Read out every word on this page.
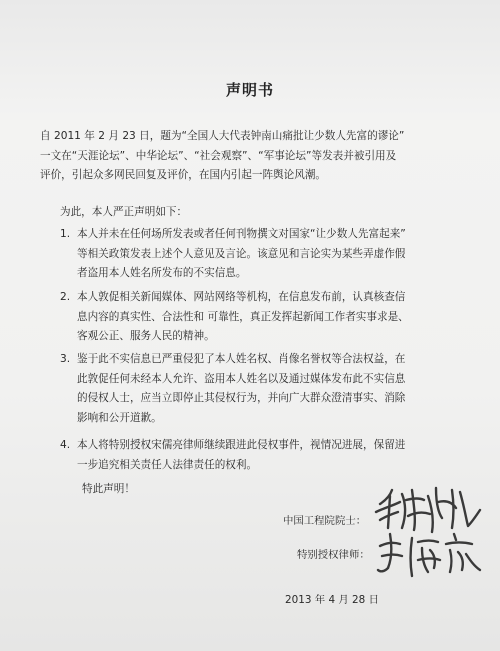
声明书
自 2011 年 2 月 23 日，题为“全国人大代表钟南山痛批让少数人先富的谬论”
一文在“天涯论坛”、中华论坛”、“社会观察”、“军事论坛”等发表并被引用及
评价，引起众多网民回复及评价，在国内引起一阵舆论风潮。
为此，本人严正声明如下：
1. 本人并未在任何场所发表或者任何刊物撰文对国家“让少数人先富起来”
等相关政策发表上述个人意见及言论。该意见和言论实为某些弄虚作假
者盗用本人姓名所发布的不实信息。
2. 本人敦促相关新闻媒体、网站网络等机构，在信息发布前，认真核查信
息内容的真实性、合法性和 可靠性，真正发挥起新闻工作者实事求是、
客观公正、服务人民的精神。
3. 鉴于此不实信息已严重侵犯了本人姓名权、肖像名誉权等合法权益，在
此敦促任何未经本人允许、盗用本人姓名以及通过媒体发布此不实信息
的侵权人士，应当立即停止其侵权行为，并向广大群众澄清事实、消除
影响和公开道歉。
4. 本人将特别授权宋儒亮律师继续跟进此侵权事件，视情况进展，保留进
一步追究相关责任人法律责任的权利。
特此声明！
中国工程院院士：
特别授权律师：
2013 年 4 月 28 日
